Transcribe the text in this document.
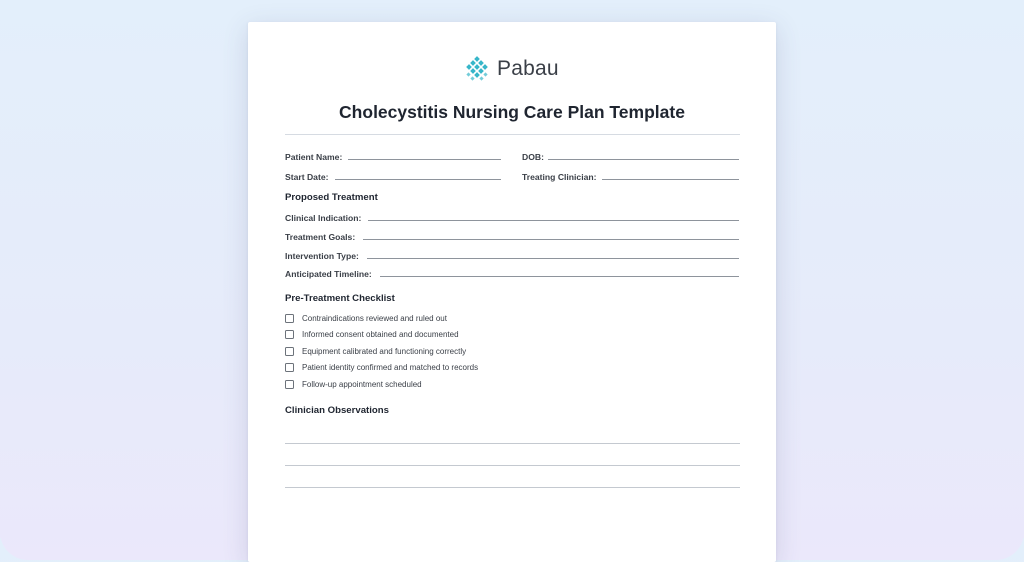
Pabau
Cholecystitis Nursing Care Plan Template
Patient Name:	DOB:
Start Date:	Treating Clinician:
Proposed Treatment
Clinical Indication:
Treatment Goals:
Intervention Type:
Anticipated Timeline:
Pre-Treatment Checklist
Contraindications reviewed and ruled out
Informed consent obtained and documented
Equipment calibrated and functioning correctly
Patient identity confirmed and matched to records
Follow-up appointment scheduled
Clinician Observations
